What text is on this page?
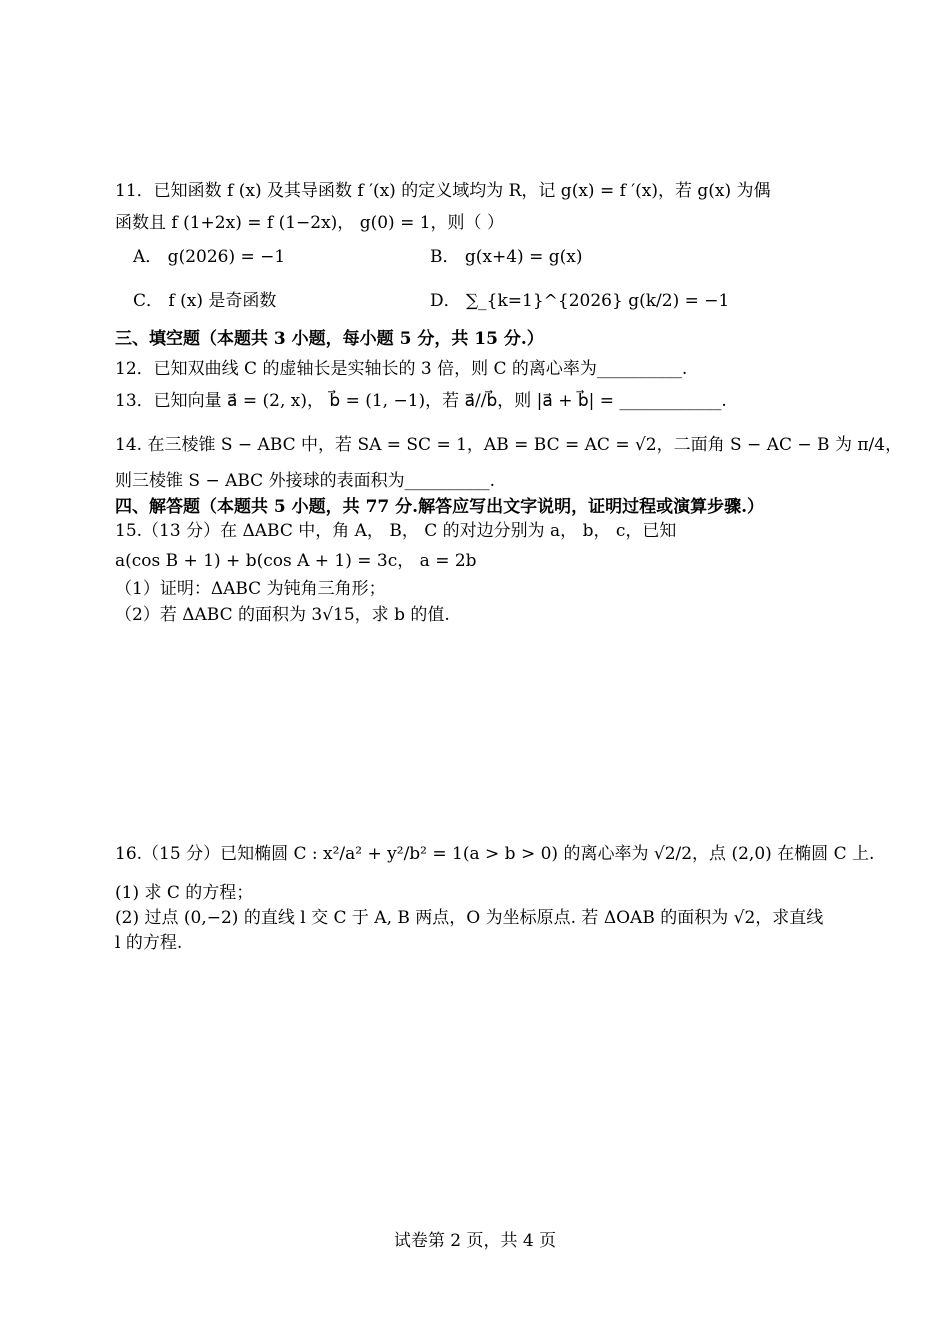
11．已知函数 f (x) 及其导函数 f ′(x) 的定义域均为 R，记 g(x) = f ′(x)，若 g(x) 为偶
函数且 f (1+2x) = f (1−2x)， g(0) = 1，则（ ）
A． g(2026) = −1	B． g(x+4) = g(x)
C． f (x) 是奇函数	D． ∑_{k=1}^{2026} g(k/2) = −1
三、填空题（本题共 3 小题，每小题 5 分，共 15 分.）
12．已知双曲线 C 的虚轴长是实轴长的 3 倍，则 C 的离心率为__________.
13．已知向量 a⃗ = (2, x)， b⃗ = (1, −1)，若 a⃗//b⃗，则 |a⃗ + b⃗| = ____________.
14. 在三棱锥 S − ABC 中，若 SA = SC = 1，AB = BC = AC = √2，二面角 S − AC − B 为 π/4，
则三棱锥 S − ABC 外接球的表面积为__________.
四、解答题（本题共 5 小题，共 77 分.解答应写出文字说明，证明过程或演算步骤.）
15.（13 分）在 ΔABC 中，角 A， B， C 的对边分别为 a， b， c，已知
a(cos B + 1) + b(cos A + 1) = 3c， a = 2b
（1）证明：ΔABC 为钝角三角形；
（2）若 ΔABC 的面积为 3√15，求 b 的值.
16.（15 分）已知椭圆 C : x²/a² + y²/b² = 1(a > b > 0) 的离心率为 √2/2，点 (2,0) 在椭圆 C 上.
(1) 求 C 的方程；
(2) 过点 (0,−2) 的直线 l 交 C 于 A, B 两点，O 为坐标原点. 若 ΔOAB 的面积为 √2，求直线
l 的方程.
试卷第 2 页，共 4 页
